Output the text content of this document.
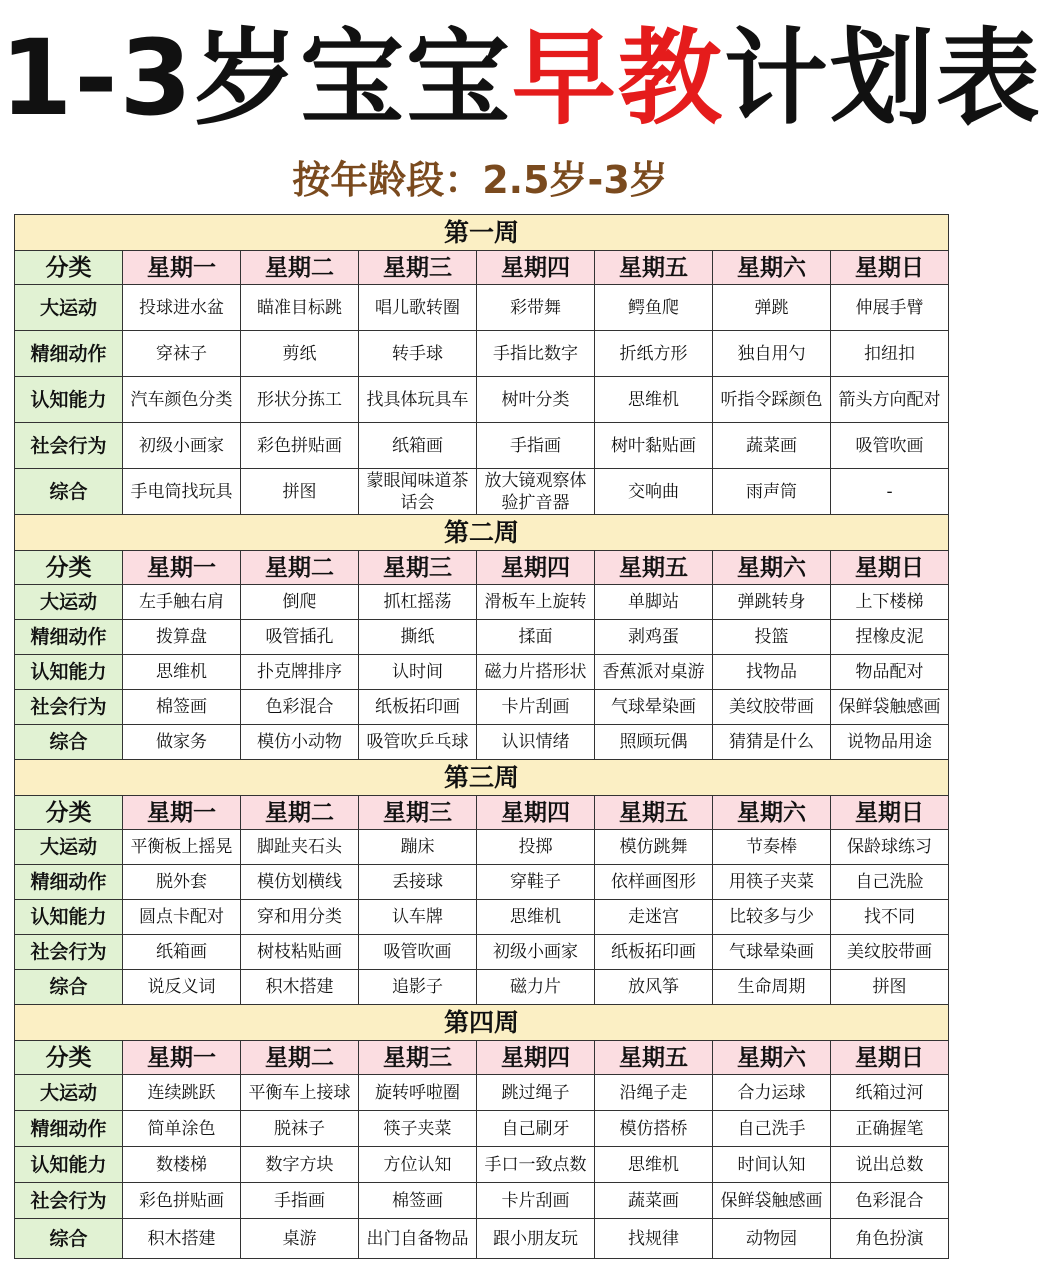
1-3岁宝宝早教计划表
按年龄段：2.5岁-3岁
第一周							
分类	星期一	星期二	星期三	星期四	星期五	星期六	星期日
大运动	投球进水盆	瞄准目标跳	唱儿歌转圈	彩带舞	鳄鱼爬	弹跳	伸展手臂
精细动作	穿袜子	剪纸	转手球	手指比数字	折纸方形	独自用勺	扣纽扣
认知能力	汽车颜色分类	形状分拣工	找具体玩具车	树叶分类	思维机	听指令踩颜色	箭头方向配对
社会行为	初级小画家	彩色拼贴画	纸箱画	手指画	树叶黏贴画	蔬菜画	吸管吹画
综合	手电筒找玩具	拼图	蒙眼闻味道茶话会	放大镜观察体验扩音器	交响曲	雨声筒	-
第二周							
分类	星期一	星期二	星期三	星期四	星期五	星期六	星期日
大运动	左手触右肩	倒爬	抓杠摇荡	滑板车上旋转	单脚站	弹跳转身	上下楼梯
精细动作	拨算盘	吸管插孔	撕纸	揉面	剥鸡蛋	投篮	捏橡皮泥
认知能力	思维机	扑克牌排序	认时间	磁力片搭形状	香蕉派对桌游	找物品	物品配对
社会行为	棉签画	色彩混合	纸板拓印画	卡片刮画	气球晕染画	美纹胶带画	保鲜袋触感画
综合	做家务	模仿小动物	吸管吹乒乓球	认识情绪	照顾玩偶	猜猜是什么	说物品用途
第三周							
分类	星期一	星期二	星期三	星期四	星期五	星期六	星期日
大运动	平衡板上摇晃	脚趾夹石头	蹦床	投掷	模仿跳舞	节奏棒	保龄球练习
精细动作	脱外套	模仿划横线	丢接球	穿鞋子	依样画图形	用筷子夹菜	自己洗脸
认知能力	圆点卡配对	穿和用分类	认车牌	思维机	走迷宫	比较多与少	找不同
社会行为	纸箱画	树枝粘贴画	吸管吹画	初级小画家	纸板拓印画	气球晕染画	美纹胶带画
综合	说反义词	积木搭建	追影子	磁力片	放风筝	生命周期	拼图
第四周							
分类	星期一	星期二	星期三	星期四	星期五	星期六	星期日
大运动	连续跳跃	平衡车上接球	旋转呼啦圈	跳过绳子	沿绳子走	合力运球	纸箱过河
精细动作	简单涂色	脱袜子	筷子夹菜	自己刷牙	模仿搭桥	自己洗手	正确握笔
认知能力	数楼梯	数字方块	方位认知	手口一致点数	思维机	时间认知	说出总数
社会行为	彩色拼贴画	手指画	棉签画	卡片刮画	蔬菜画	保鲜袋触感画	色彩混合
综合	积木搭建	桌游	出门自备物品	跟小朋友玩	找规律	动物园	角色扮演
